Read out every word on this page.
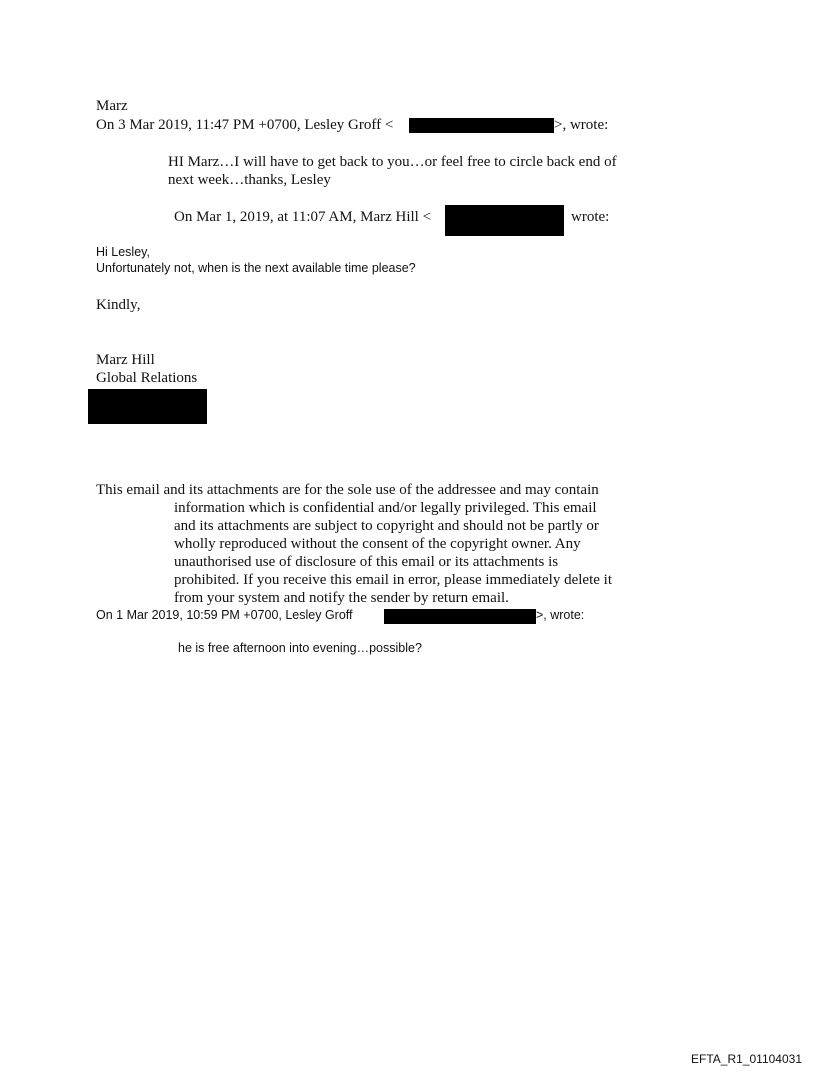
Marz
On 3 Mar 2019, 11:47 PM +0700, Lesley Groff <	>, wrote:
HI Marz…I will have to get back to you…or feel free to circle back end of
next week…thanks, Lesley
On Mar 1, 2019, at 11:07 AM, Marz Hill <	wrote:
Hi Lesley,
Unfortunately not, when is the next available time please?
Kindly,
Marz Hill
Global Relations
This email and its attachments are for the sole use of the addressee and may contain
information which is confidential and/or legally privileged. This email
and its attachments are subject to copyright and should not be partly or
wholly reproduced without the consent of the copyright owner. Any
unauthorised use of disclosure of this email or its attachments is
prohibited. If you receive this email in error, please immediately delete it
from your system and notify the sender by return email.
On 1 Mar 2019, 10:59 PM +0700, Lesley Groff	>, wrote:
he is free afternoon into evening…possible?
EFTA_R1_01104031
